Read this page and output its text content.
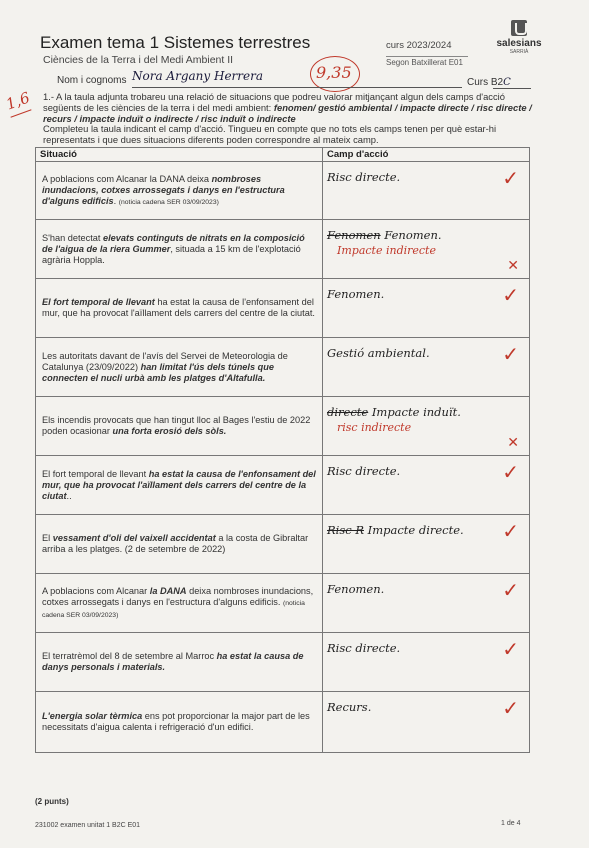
Examen tema 1 Sistemes terrestres
Ciències de la Terra i del Medi Ambient II
curs 2023/2024
Segon Batxillerat E01
salesians
SARRIÀ
9,35
1,6
Nom i cognoms Nora Argany Herrera	Curs B2C
1.- A la taula adjunta trobareu una relació de situacions que podreu valorar mitjançant algun dels camps d'acció següents de les ciències de la terra i del medi ambient: fenomen/ gestió ambiental / impacte directe / risc directe / recurs / impacte induït o indirecte / risc induït o indirecte
Completeu la taula indicant el camp d'acció. Tingueu en compte que no tots els camps tenen per què estar-hi representats i que dues situacions diferents poden correspondre al mateix camp.
Situació	Camp d'acció
A poblacions com Alcanar la DANA deixa nombroses inundacions, cotxes arrossegats i danys en l'estructura d'alguns edificis. (noticia cadena SER 03/09/2023)	Risc directe. ✓

S'han detectat elevats continguts de nitrats en la composició de l'aigua de la riera Gummer, situada a 15 km de l'explotació agrària Hoppla.	Fenomen Fenomen.
Impacte indirecte
✕

El fort temporal de llevant ha estat la causa de l'enfonsament del mur, que ha provocat l'aïllament dels carrers del centre de la ciutat.	Fenomen. ✓

Les autoritats davant de l'avís del Servei de Meteorologia de Catalunya (23/09/2022) han limitat l'ús dels túnels que connecten el nucli urbà amb les platges d'Altafulla.	Gestió ambiental. ✓

Els incendis provocats que han tingut lloc al Bages l'estiu de 2022 poden ocasionar una forta erosió dels sòls.	directe Impacte induït.
risc indirecte
✕

El fort temporal de llevant ha estat la causa de l'enfonsament del mur, que ha provocat l'aïllament dels carrers del centre de la ciutat..	Risc directe. ✓

El vessament d'oli del vaixell accidentat a la costa de Gibraltar arriba a les platges. (2 de setembre de 2022)	Risc R Impacte directe. ✓

A poblacions com Alcanar la DANA deixa nombroses inundacions, cotxes arrossegats i danys en l'estructura d'alguns edificis. (noticia cadena SER 03/09/2023)	Fenomen. ✓

El terratrèmol del 8 de setembre al Marroc ha estat la causa de danys personals i materials.	Risc directe. ✓

L'energia solar tèrmica ens pot proporcionar la major part de les necessitats d'aigua calenta i refrigeració d'un edifici.	Recurs. ✓
(2 punts)
231002 examen unitat 1 B2C E01	1 de 4
